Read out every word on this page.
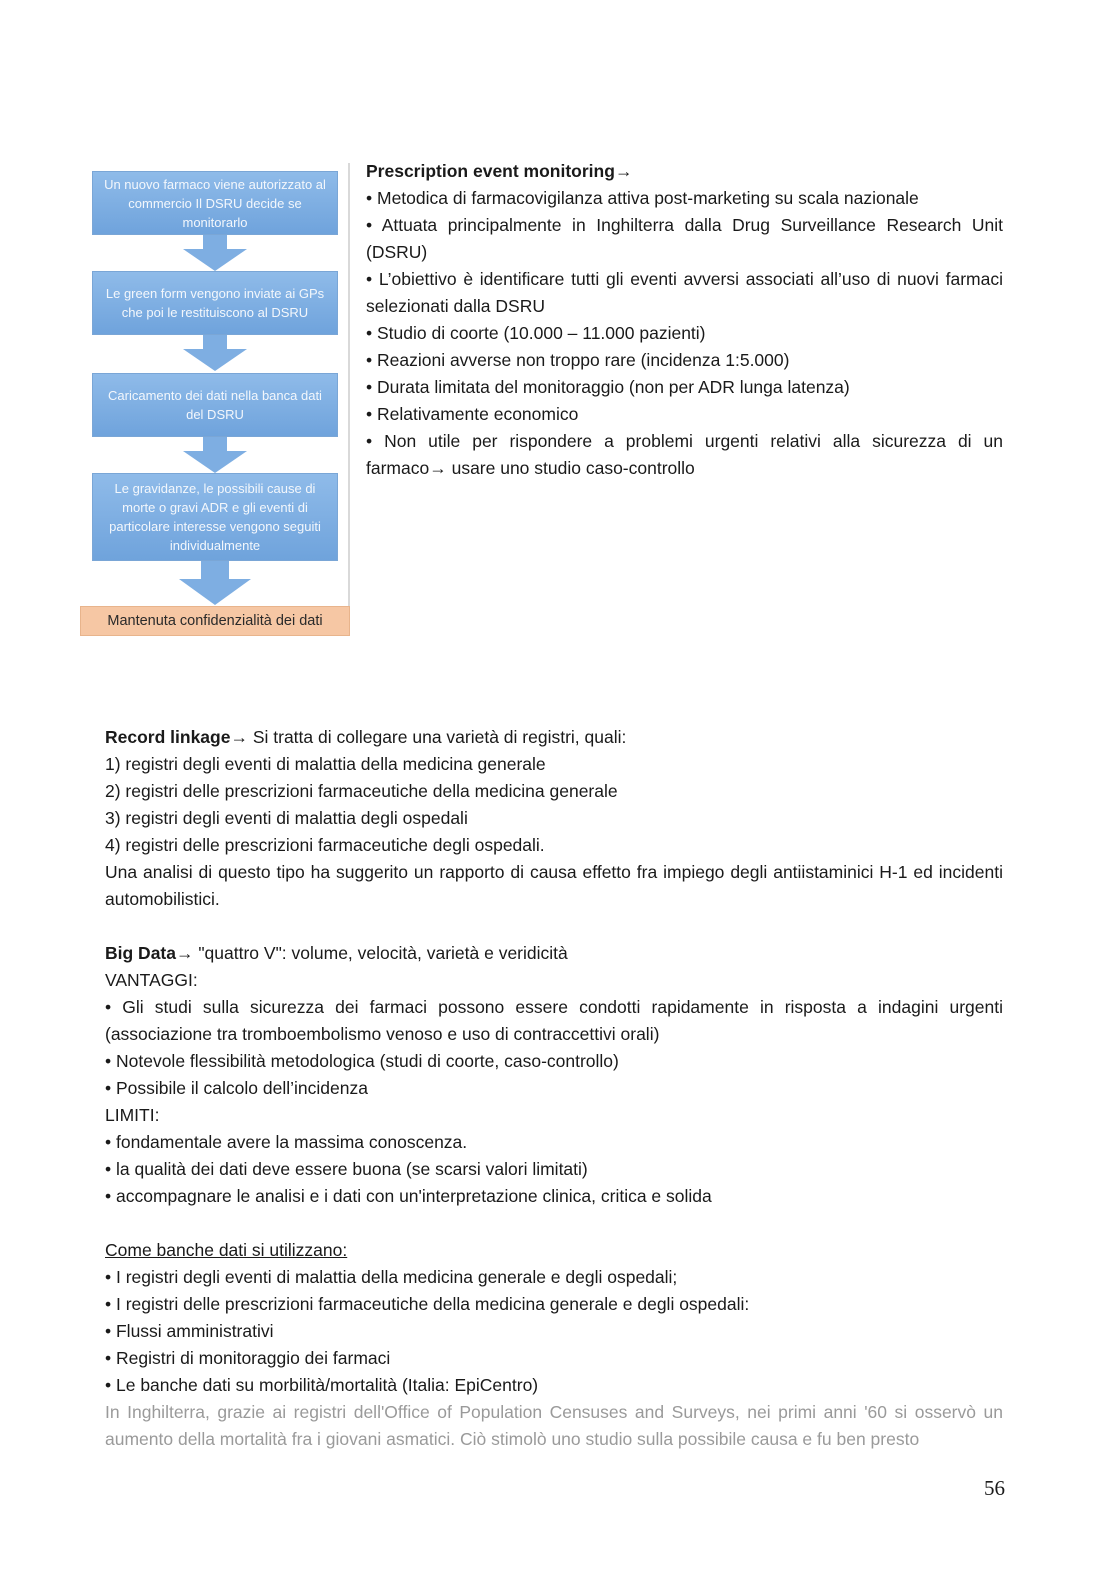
Un nuovo farmaco viene autorizzato al commercio Il DSRU decide se monitorarlo
Le green form vengono inviate ai GPs che poi le restituiscono al DSRU
Caricamento dei dati nella banca dati del DSRU
Le gravidanze, le possibili cause di morte o gravi ADR e gli eventi di particolare interesse vengono seguiti individualmente
Mantenuta confidenzialità dei dati

Prescription event monitoring→

• Metodica di farmacovigilanza attiva post-marketing su scala nazionale

• Attuata principalmente in Inghilterra dalla Drug Surveillance Research Unit (DSRU)

• L’obiettivo è identificare tutti gli eventi avversi associati all’uso di nuovi farmaci selezionati dalla DSRU

• Studio di coorte (10.000 – 11.000 pazienti)

• Reazioni avverse non troppo rare (incidenza 1:5.000)

• Durata limitata del monitoraggio (non per ADR lunga latenza)

• Relativamente economico

• Non utile per rispondere a problemi urgenti relativi alla sicurezza di un farmaco→ usare uno studio caso-controllo

Record linkage→ Si tratta di collegare una varietà di registri, quali:

1) registri degli eventi di malattia della medicina generale

2) registri delle prescrizioni farmaceutiche della medicina generale

3) registri degli eventi di malattia degli ospedali

4) registri delle prescrizioni farmaceutiche degli ospedali.

Una analisi di questo tipo ha suggerito un rapporto di causa effetto fra impiego degli antiistaminici H-1 ed incidenti automobilistici.

Big Data→ "quattro V": volume, velocità, varietà e veridicità

VANTAGGI:

• Gli studi sulla sicurezza dei farmaci possono essere condotti rapidamente in risposta a indagini urgenti (associazione tra tromboembolismo venoso e uso di contraccettivi orali)

• Notevole flessibilità metodologica (studi di coorte, caso-controllo)

• Possibile il calcolo dell’incidenza

LIMITI:

• fondamentale avere la massima conoscenza.

• la qualità dei dati deve essere buona (se scarsi valori limitati)

• accompagnare le analisi e i dati con un'interpretazione clinica, critica e solida

Come banche dati si utilizzano:

• I registri degli eventi di malattia della medicina generale e degli ospedali;

• I registri delle prescrizioni farmaceutiche della medicina generale e degli ospedali:

• Flussi amministrativi

• Registri di monitoraggio dei farmaci

• Le banche dati su morbilità/mortalità (Italia: EpiCentro)

In Inghilterra, grazie ai registri dell'Office of Population Censuses and Surveys, nei primi anni '60 si osservò un aumento della mortalità fra i giovani asmatici. Ciò stimolò uno studio sulla possibile causa e fu ben presto

56
